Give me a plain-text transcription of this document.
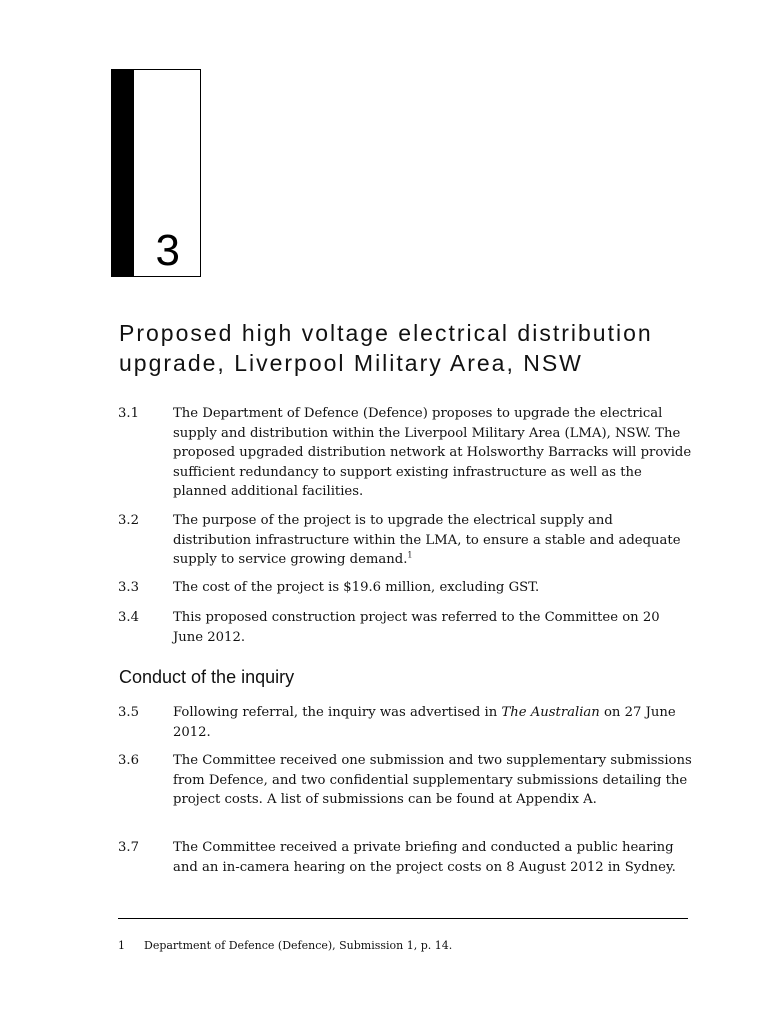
3
Proposed high voltage electrical distribution
upgrade, Liverpool Military Area, NSW
3.1	The Department of Defence (Defence) proposes to upgrade the electrical supply and distribution within the Liverpool Military Area (LMA), NSW. The proposed upgraded distribution network at Holsworthy Barracks will provide sufficient redundancy to support existing infrastructure as well as the planned additional facilities.
3.2	The purpose of the project is to upgrade the electrical supply and distribution infrastructure within the LMA, to ensure a stable and adequate supply to service growing demand.$^1$
3.3	The cost of the project is $19.6 million, excluding GST.
3.4	This proposed construction project was referred to the Committee on 20 June 2012.
Conduct of the inquiry
3.5	Following referral, the inquiry was advertised in The Australian on 27 June 2012.
3.6	The Committee received one submission and two supplementary submissions from Defence, and two confidential supplementary submissions detailing the project costs. A list of submissions can be found at Appendix A.
3.7	The Committee received a private briefing and conducted a public hearing and an in-camera hearing on the project costs on 8 August 2012 in Sydney.
1 Department of Defence (Defence), Submission 1, p. 14.
